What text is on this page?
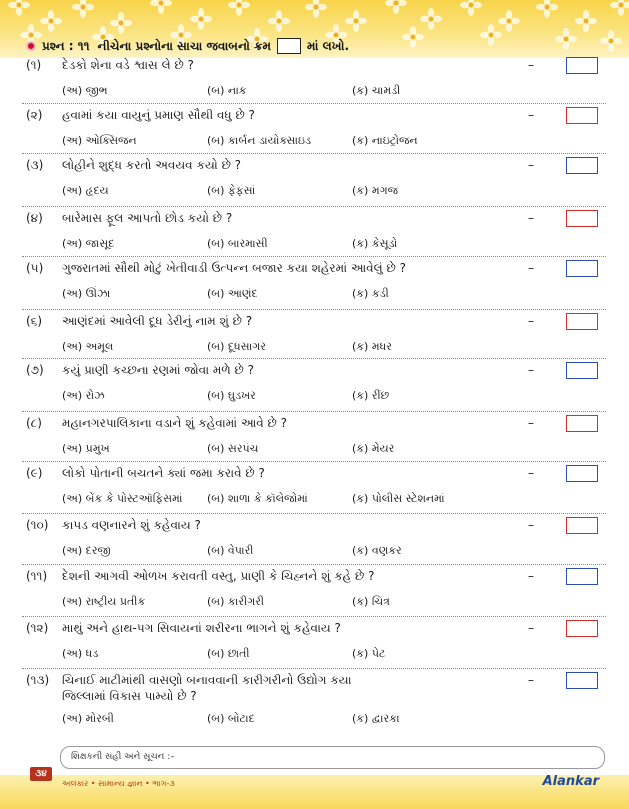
પ્રશ્ન : ૧૧ નીચેના પ્રશ્નોના સાચા જવાબનો ક્રમ	માં લખો.
(૧)	દેડકો શેના વડે શ્વાસ લે છે ?	–
(અ) જીભ	(બ) નાક	(ક) ચામડી
(૨)	હવામાં કયા વાયુનું પ્રમાણ સૌથી વધુ છે ?	–
(અ) ઓક્સિજન	(બ) કાર્બન ડાયોક્સાઇડ	(ક) નાઇટ્રોજન
(૩)	લોહીને શુદ્ધ કરતો અવયવ કયો છે ?	–
(અ) હૃદય	(બ) ફેફસાં	(ક) મગજ
(૪)	બારેમાસ ફૂલ આપતો છોડ કયો છે ?	–
(અ) જાસૂદ	(બ) બારમાસી	(ક) કેસૂડો
(૫)	ગુજરાતમાં સૌથી મોટું ખેતીવાડી ઉત્પન્ન બજાર કયા શહેરમાં આવેલું છે ?	–
(અ) ઊંઝા	(બ) આણંદ	(ક) કડી
(૬)	આણંદમાં આવેલી દૂધ ડેરીનું નામ શું છે ?	–
(અ) અમૂલ	(બ) દૂધસાગર	(ક) મધર
(૭)	કયું પ્રાણી કચ્છના રણમાં જોવા મળે છે ?	–
(અ) રોઝ	(બ) ઘુડખર	(ક) રીંછ
(૮)	મહાનગરપાલિકાના વડાને શું કહેવામાં આવે છે ?	–
(અ) પ્રમુખ	(બ) સરપંચ	(ક) મેયર
(૯)	લોકો પોતાની બચતને ક્યાં જમા કરાવે છે ?	–
(અ) બેંક કે પોસ્ટઑફિસમાં (બ) શાળા કે કૉલેજોમાં	(ક) પોલીસ સ્ટેશનમાં
(૧૦)	કાપડ વણનારને શું કહેવાય ?	–
(અ) દરજી	(બ) વેપારી	(ક) વણકર
(૧૧)	દેશની આગવી ઓળખ કરાવતી વસ્તુ, પ્રાણી કે ચિહ્નને શું કહે છે ?	–
(અ) રાષ્ટ્રીય પ્રતીક	(બ) કારીગરી	(ક) ચિત્ર
(૧૨)	માથું અને હાથ-પગ સિવાયનાં શરીરના ભાગને શું કહેવાય ?	–
(અ) ધડ	(બ) છાતી	(ક) પેટ
(૧૩)	ચિનાઈ માટીમાંથી વાસણો બનાવવાની કારીગરીનો ઉદ્યોગ કયા
જિલ્લામાં વિકાસ પામ્યો છે ?
–
(અ) મોરબી	(બ) બોટાદ	(ક) દ્વારકા
શિક્ષકની સહી અને સૂચન :–
૩૪
અલંકાર • સામાન્ય જ્ઞાન • ભાગ-૩	Alankar
